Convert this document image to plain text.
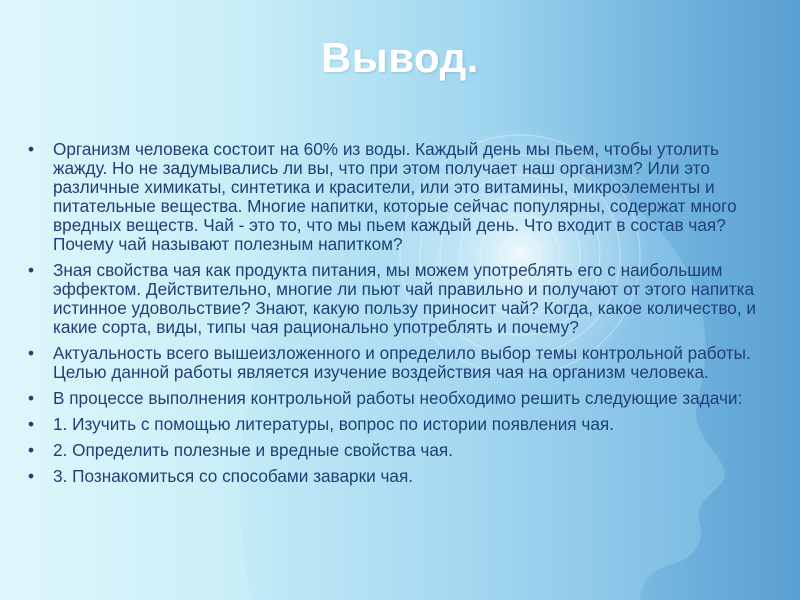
Вывод.
• Организм человека состоит на 60% из воды. Каждый день мы пьем, чтобы утолить жажду. Но не задумывались ли вы, что при этом получает наш организм? Или это различные химикаты, синтетика и красители, или это витамины, микроэлементы и питательные вещества. Многие напитки, которые сейчас популярны, содержат много вредных веществ. Чай - это то, что мы пьем каждый день. Что входит в состав чая? Почему чай называют полезным напитком?
• Зная свойства чая как продукта питания, мы можем употреблять его с наибольшим эффектом. Действительно, многие ли пьют чай правильно и получают от этого напитка истинное удовольствие? Знают, какую пользу приносит чай? Когда, какое количество, и какие сорта, виды, типы чая рационально употреблять и почему?
• Актуальность всего вышеизложенного и определило выбор темы контрольной работы. Целью данной работы является изучение воздействия чая на организм человека.
• В процессе выполнения контрольной работы необходимо решить следующие задачи:
• 1. Изучить с помощью литературы, вопрос по истории появления чая.
• 2. Определить полезные и вредные свойства чая.
• 3. Познакомиться со способами заварки чая.
